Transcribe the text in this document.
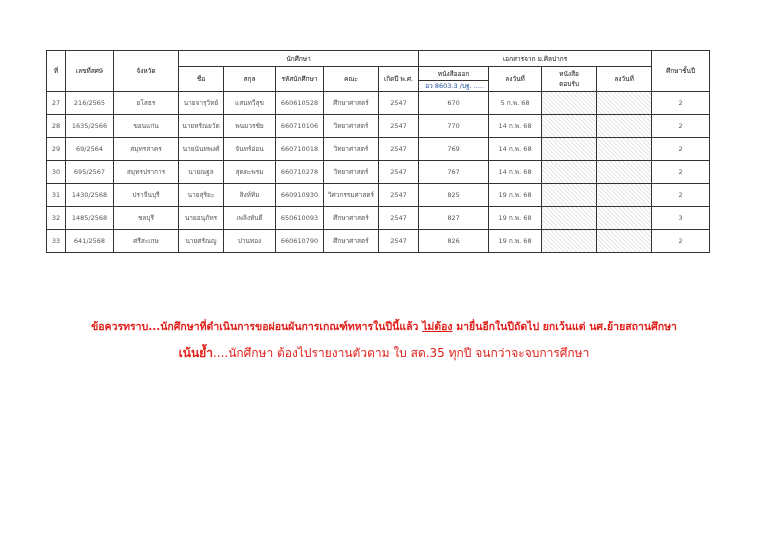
ที่	เลขที่สศ9	จังหวัด	นักศึกษา					เอกสารจาก ม.ศิลปากร				ศึกษาชั้นปี
			ชื่อ	สกุล	รหัสนักศึกษา	คณะ	เกิดปี พ.ศ.	หนังสือออก	ลงวันที่	หนังสือ
ตอบรับ	ลงวันที่	
								อว 8603.3 /บฐ. .....				
27	216/2565	ยโสธร	นายจารุวิทย์	แสนทวีสุข	660610528	ศึกษาศาสตร์	2547	670	5 ก.พ. 68			2
28	1635/2566	ขอนแก่น	นายหรัณยวัต	พนมวรชัย	660710106	วิทยาศาสตร์	2547	770	14 ก.พ. 68			2
29	69/2564	สมุทรสาคร	นายนันทพงศ์	จันทร์อ่อน	660710018	วิทยาศาสตร์	2547	769	14 ก.พ. 68			2
30	695/2567	สมุทรปราการ	นายณฐล	สุดตะพรม	660710278	วิทยาศาสตร์	2547	767	14 ก.พ. 68			2
31	1430/2568	ปราจีนบุรี	นายสุริยะ	สิงห์ทิม	660910930	วิศวกรรมศาสตร์	2547	825	19 ก.พ. 68			2
32	1485/2568	ชลบุรี	นายอนุภัทร	เพลิงทับดี	650610093	ศึกษาศาสตร์	2547	827	19 ก.พ. 68			3
33	641/2568	ศรีสะเกษ	นายศรัณญู	ปานทอง	660610790	ศึกษาศาสตร์	2547	826	19 ก.พ. 68			2
ข้อควรทราบ...นักศึกษาที่ดำเนินการขอผ่อนผันการเกณฑ์ทหารในปีนี้แล้ว ไม่ต้อง มายื่นอีกในปีถัดไป ยกเว้นแต่ นศ.ย้ายสถานศึกษา
เน้นย้ำ....นักศึกษา ต้องไปรายงานตัวตาม ใบ สด.35 ทุกปี จนกว่าจะจบการศึกษา
